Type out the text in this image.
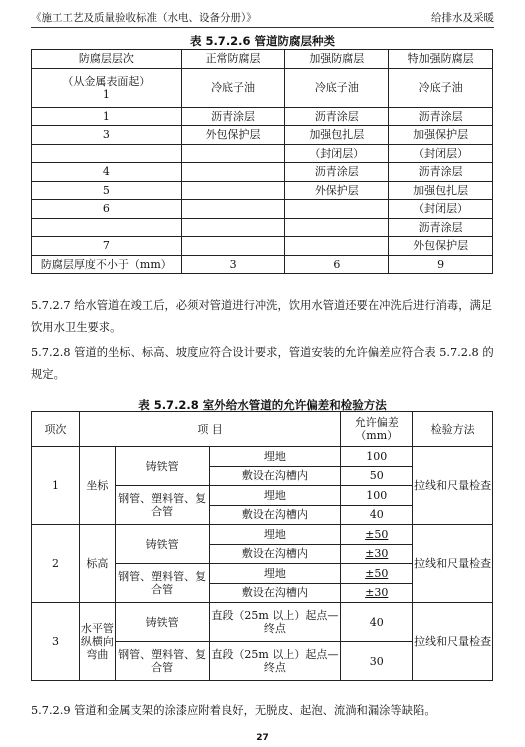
《施工工艺及质量验收标准（水电、设备分册）》	给排水及采暖
表 5.7.2.6 管道防腐层种类
防腐层层次	正常防腐层	加强防腐层	特加强防腐层

（从金属表面起）
1	冷底子油	冷底子油	冷底子油
1	沥青涂层	沥青涂层	沥青涂层
3	外包保护层	加强包扎层	加强保护层
		（封闭层）	（封闭层）
4		沥青涂层	沥青涂层
5		外保护层	加强包扎层
6			（封闭层）
			沥青涂层
7			外包保护层
防腐层厚度不小于（mm）	3	6	9
5.7.2.7 给水管道在竣工后，必须对管道进行冲洗，饮用水管道还要在冲洗后进行消毒，满足饮用水卫生要求。
5.7.2.8 管道的坐标、标高、坡度应符合设计要求，管道安装的允许偏差应符合表 5.7.2.8 的规定。
表 5.7.2.8 室外给水管道的允许偏差和检验方法
项次	项 目			允许偏差（mm）	检验方法
1	坐标	铸铁管	埋地	100	拉线和尺量检查
			敷设在沟槽内	50	
		钢管、塑料管、复合管	埋地	100	
			敷设在沟槽内	40	
2	标高	铸铁管	埋地	±50	拉线和尺量检查
			敷设在沟槽内	±30	
		钢管、塑料管、复合管	埋地	±50	
			敷设在沟槽内	±30	
3	水平管纵横向弯曲	铸铁管	直段（25m 以上）起点—终点	40	拉线和尺量检查
		钢管、塑料管、复合管	直段（25m 以上）起点—终点	30	
5.7.2.9 管道和金属支架的涂漆应附着良好，无脱皮、起泡、流淌和漏涂等缺陷。
27
